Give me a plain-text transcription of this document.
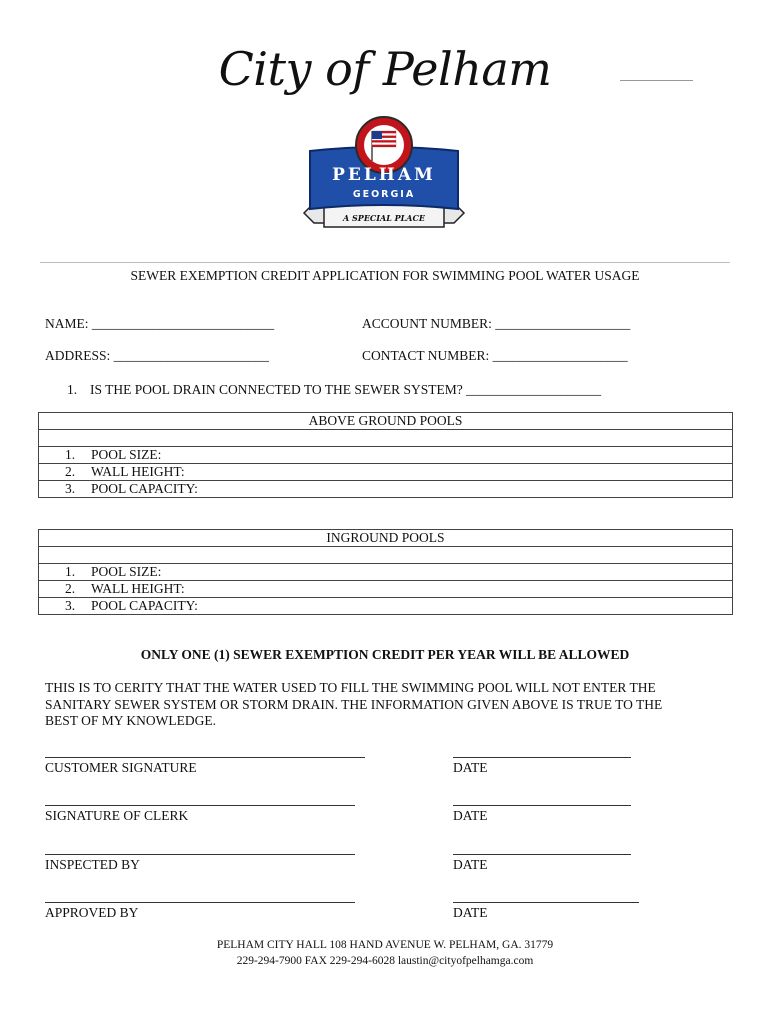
City of Pelham
PELHAM
GEORGIA
A SPECIAL PLACE
SEWER EXEMPTION CREDIT APPLICATION FOR SWIMMING POOL WATER USAGE
NAME: ___________________________	ACCOUNT NUMBER: ____________________
ADDRESS: _______________________	CONTACT NUMBER: ____________________
1. IS THE POOL DRAIN CONNECTED TO THE SEWER SYSTEM? ____________________
ABOVE GROUND POOLS
1. POOL SIZE:
2. WALL HEIGHT:
3. POOL CAPACITY:
INGROUND POOLS
1. POOL SIZE:
2. WALL HEIGHT:
3. POOL CAPACITY:
ONLY ONE (1) SEWER EXEMPTION CREDIT PER YEAR WILL BE ALLOWED
THIS IS TO CERITY THAT THE WATER USED TO FILL THE SWIMMING POOL WILL NOT ENTER THE
SANITARY SEWER SYSTEM OR STORM DRAIN. THE INFORMATION GIVEN ABOVE IS TRUE TO THE
BEST OF MY KNOWLEDGE.
CUSTOMER SIGNATURE	DATE
SIGNATURE OF CLERK	DATE
INSPECTED BY	DATE
APPROVED BY	DATE
PELHAM CITY HALL 108 HAND AVENUE W. PELHAM, GA. 31779
229-294-7900 FAX 229-294-6028 laustin@cityofpelhamga.com
